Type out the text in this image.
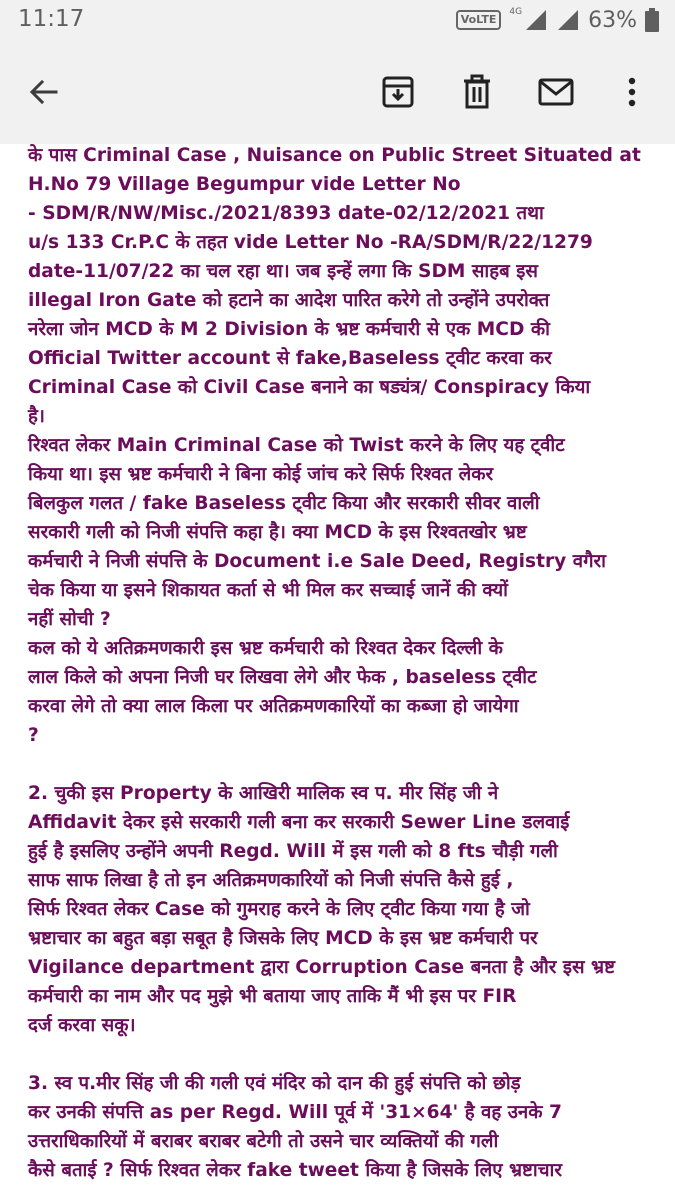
11:17	VoLTE
4G	63%

के पास Criminal Case , Nuisance on Public Street Situated at

H.No 79 Village Begumpur vide Letter No

- SDM/R/NW/Misc./2021/8393 date-02/12/2021 तथा

u/s 133 Cr.P.C के तहत vide Letter No -RA/SDM/R/22/1279

date-11/07/22 का चल रहा था। जब इन्हें लगा कि SDM साहब इस

illegal Iron Gate को हटाने का आदेश पारित करेगे तो उन्होंने उपरोक्त

नरेला जोन MCD के M 2 Division के भ्रष्ट कर्मचारी से एक MCD की

Official Twitter account से fake,Baseless ट्वीट करवा कर

Criminal Case को Civil Case बनाने का षड्यंत्र/ Conspiracy किया

है।

रिश्वत लेकर Main Criminal Case को Twist करने के लिए यह ट्वीट

किया था। इस भ्रष्ट कर्मचारी ने बिना कोई जांच करे सिर्फ रिश्वत लेकर

बिलकुल गलत / fake Baseless ट्वीट किया और सरकारी सीवर वाली

सरकारी गली को निजी संपत्ति कहा है। क्या MCD के इस रिश्वतखोर भ्रष्ट

कर्मचारी ने निजी संपत्ति के Document i.e Sale Deed, Registry वगैरा

चेक किया या इसने शिकायत कर्ता से भी मिल कर सच्चाई जानें की क्यों

नहीं सोची ?

कल को ये अतिक्रमणकारी इस भ्रष्ट कर्मचारी को रिश्वत देकर दिल्ली के

लाल किले को अपना निजी घर लिखवा लेगे और फेक , baseless ट्वीट

करवा लेगे तो क्या लाल किला पर अतिक्रमणकारियों का कब्जा हो जायेगा

?

2. चुकी इस Property के आखिरी मालिक स्व प. मीर सिंह जी ने

Affidavit देकर इसे सरकारी गली बना कर सरकारी Sewer Line डलवाई

हुई है इसलिए उन्होंने अपनी Regd. Will में इस गली को 8 fts चौड़ी गली

साफ साफ लिखा है तो इन अतिक्रमणकारियों को निजी संपत्ति कैसे हुई ,

सिर्फ रिश्वत लेकर Case को गुमराह करने के लिए ट्वीट किया गया है जो

भ्रष्टाचार का बहुत बड़ा सबूत है जिसके लिए MCD के इस भ्रष्ट कर्मचारी पर

Vigilance department द्वारा Corruption Case बनता है और इस भ्रष्ट

कर्मचारी का नाम और पद मुझे भी बताया जाए ताकि मैं भी इस पर FIR

दर्ज करवा सकू।

3. स्व प.मीर सिंह जी की गली एवं मंदिर को दान की हुई संपत्ति को छोड़

कर उनकी संपत्ति as per Regd. Will पूर्व में '31×64' है वह उनके 7

उत्तराधिकारियों में बराबर बराबर बटेगी तो उसने चार व्यक्तियों की गली

कैसे बताई ? सिर्फ रिश्वत लेकर fake tweet किया है जिसके लिए भ्रष्टाचार
